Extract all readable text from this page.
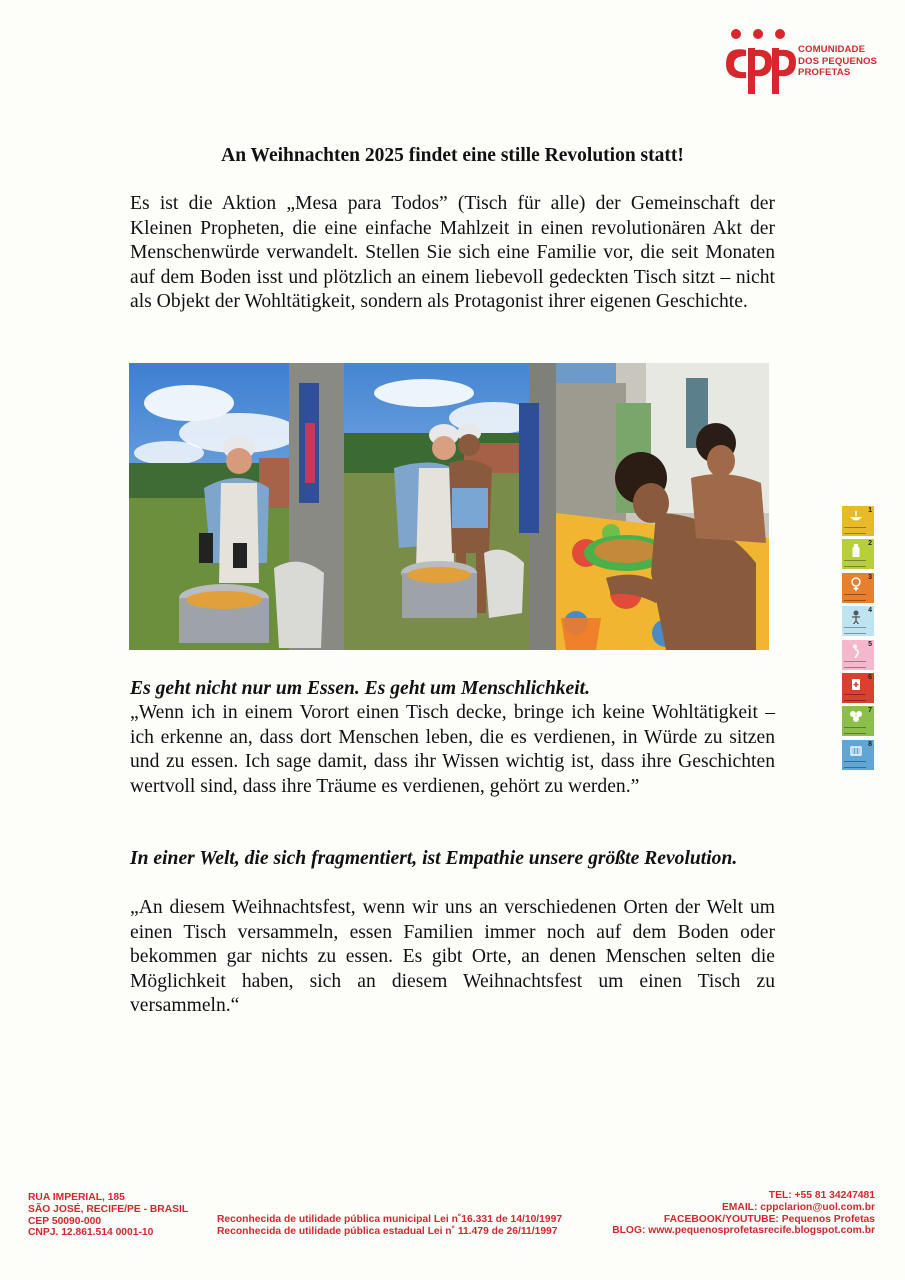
COMUNIDADE
DOS PEQUENOS
PROFETAS
An Weihnachten 2025 findet eine stille Revolution statt!
Es ist die Aktion „Mesa para Todos” (Tisch für alle) der Gemeinschaft der Kleinen Propheten, die eine einfache Mahlzeit in einen revolutionären Akt der Menschenwürde verwandelt. Stellen Sie sich eine Familie vor, die seit Monaten auf dem Boden isst und plötzlich an einem liebevoll gedeckten Tisch sitzt – nicht als Objekt der Wohltätigkeit, sondern als Protagonist ihrer eigenen Geschichte.
Es geht nicht nur um Essen. Es geht um Menschlichkeit.
„Wenn ich in einem Vorort einen Tisch decke, bringe ich keine Wohltätigkeit – ich erkenne an, dass dort Menschen leben, die es verdienen, in Würde zu sitzen und zu essen. Ich sage damit, dass ihr Wissen wichtig ist, dass ihre Geschichten wertvoll sind, dass ihre Träume es verdienen, gehört zu werden.”
In einer Welt, die sich fragmentiert, ist Empathie unsere größte Revolution.
„An diesem Weihnachtsfest, wenn wir uns an verschiedenen Orten der Welt um einen Tisch versammeln, essen Familien immer noch auf dem Boden oder bekommen gar nichts zu essen. Es gibt Orte, an denen Menschen selten die Möglichkeit haben, sich an diesem Weihnachtsfest um einen Tisch zu versammeln.“
1
2
3
4
5
6
7
8
RUA IMPERIAL, 185
SÃO JOSÉ, RECIFE/PE - BRASIL
CEP 50090-000
CNPJ. 12.861.514 0001-10
Reconhecida de utilidade pública municipal Lei n˚16.331 de 14/10/1997
Reconhecida de utilidade pública estadual Lei n˚ 11.479 de 26/11/1997
TEL: +55 81 34247481
EMAIL: cppclarion@uol.com.br
FACEBOOK/YOUTUBE: Pequenos Profetas
BLOG: www.pequenosprofetasrecife.blogspot.com.br
